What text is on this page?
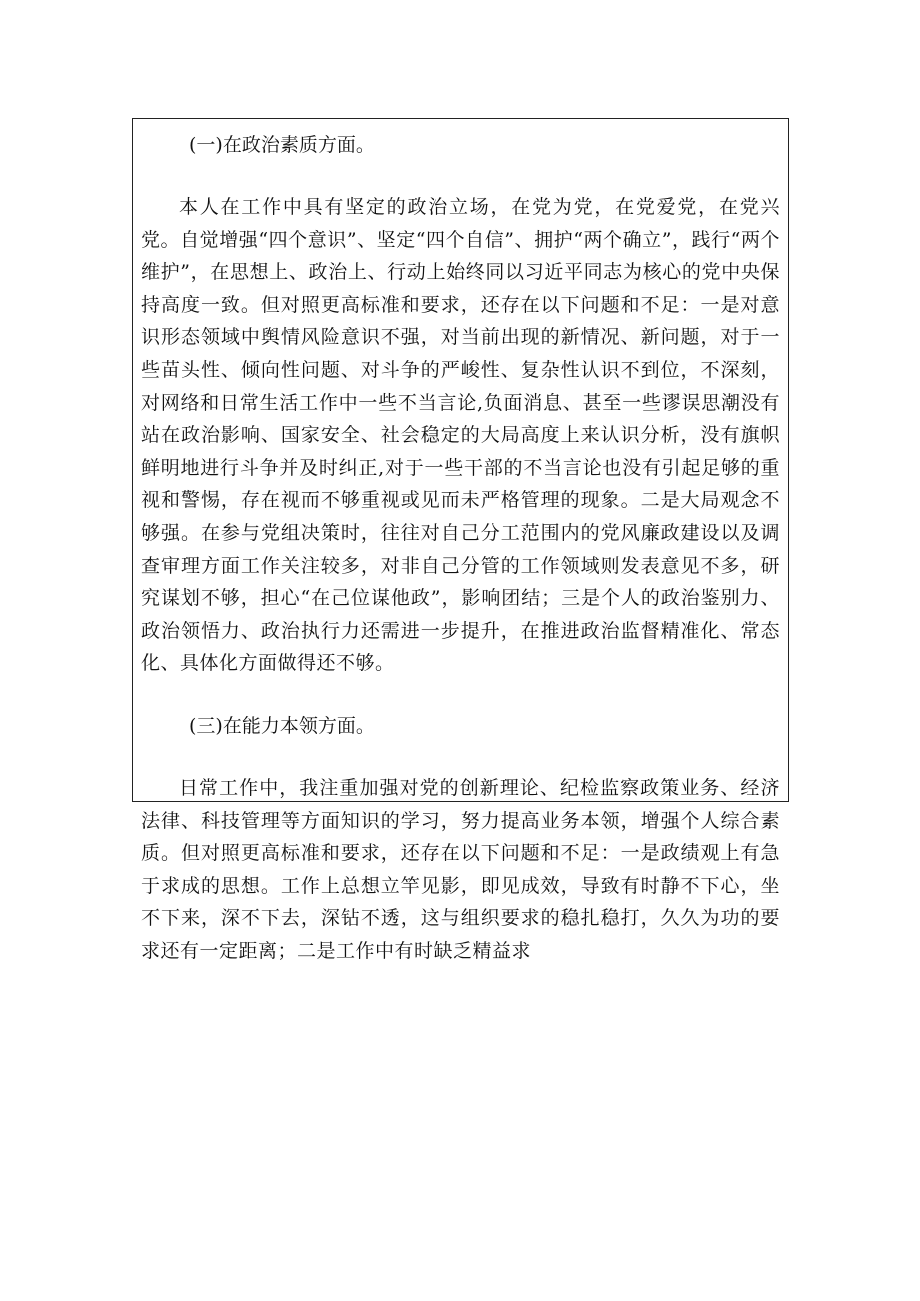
(一)在政治素质方面。

本人在工作中具有坚定的政治立场，在党为党，在党爱党，在党兴党。自觉增强“四个意识”、坚定“四个自信”、拥护“两个确立”，践行“两个维护”，在思想上、政治上、行动上始终同以习近平同志为核心的党中央保持高度一致。但对照更高标准和要求，还存在以下问题和不足：一是对意识形态领域中舆情风险意识不强，对当前出现的新情况、新问题，对于一些苗头性、倾向性问题、对斗争的严峻性、复杂性认识不到位，不深刻，对网络和日常生活工作中一些不当言论,负面消息、甚至一些谬误思潮没有站在政治影响、国家安全、社会稳定的大局高度上来认识分析，没有旗帜鲜明地进行斗争并及时纠正,对于一些干部的不当言论也没有引起足够的重视和警惕，存在视而不够重视或见而未严格管理的现象。二是大局观念不够强。在参与党组决策时，往往对自己分工范围内的党风廉政建设以及调查审理方面工作关注较多，对非自己分管的工作领域则发表意见不多，研究谋划不够，担心“在己位谋他政”，影响团结；三是个人的政治鉴别力、政治领悟力、政治执行力还需进一步提升，在推进政治监督精准化、常态化、具体化方面做得还不够。

(三)在能力本领方面。

日常工作中，我注重加强对党的创新理论、纪检监察政策业务、经济法律、科技管理等方面知识的学习，努力提高业务本领，增强个人综合素质。但对照更高标准和要求，还存在以下问题和不足：一是政绩观上有急于求成的思想。工作上总想立竿见影，即见成效，导致有时静不下心，坐不下来，深不下去，深钻不透，这与组织要求的稳扎稳打，久久为功的要求还有一定距离；二是工作中有时缺乏精益求
